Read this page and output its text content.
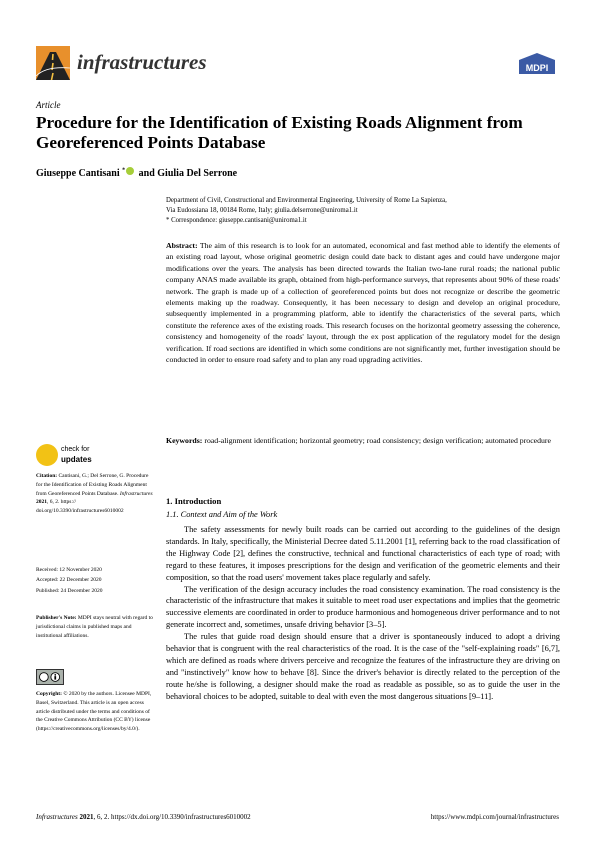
infrastructures	MDPI
Article
Procedure for the Identification of Existing Roads Alignment from Georeferenced Points Database
Giuseppe Cantisani * and Giulia Del Serrone
Department of Civil, Constructional and Environmental Engineering, University of Rome La Sapienza,
Via Eudossiana 18, 00184 Rome, Italy; giulia.delserrone@uniroma1.it
* Correspondence: giuseppe.cantisani@uniroma1.it
Abstract: The aim of this research is to look for an automated, economical and fast method able to identify the elements of an existing road layout, whose original geometric design could date back to distant ages and could have undergone major modifications over the years. The analysis has been directed towards the Italian two-lane rural roads; the national public company ANAS made available its graph, obtained from high-performance surveys, that represents about 90% of these roads' network. The graph is made up of a collection of georeferenced points but does not recognize or describe the geometric elements making up the roadway. Consequently, it has been necessary to design and develop an original procedure, subsequently implemented in a programming platform, able to identify the characteristics of the several parts, which constitute the reference axes of the existing roads. This research focuses on the horizontal geometry assessing the coherence, consistency and homogeneity of the roads' layout, through the ex post application of the regulatory model for the design verification. If road sections are identified in which some conditions are not significantly met, further investigation should be conducted in order to ensure road safety and to plan any road upgrading activities.
Keywords: road-alignment identification; horizontal geometry; road consistency; design verification; automated procedure
1. Introduction
1.1. Context and Aim of the Work

The safety assessments for newly built roads can be carried out according to the guidelines of the design standards. In Italy, specifically, the Ministerial Decree dated 5.11.2001 [1], referring back to the road classification of the Highway Code [2], defines the constructive, technical and functional characteristics of each type of road; with regard to these features, it imposes prescriptions for the design and verification of the geometric elements and their composition, so that the road users' movement takes place regularly and safely.

The verification of the design accuracy includes the road consistency examination. The road consistency is the characteristic of the infrastructure that makes it suitable to meet road user expectations and implies that the geometric successive elements are coordinated in order to produce harmonious and homogeneous driver performance and to not generate incorrect and, sometimes, unsafe driving behavior [3–5].

The rules that guide road design should ensure that a driver is spontaneously induced to adopt a driving behavior that is congruent with the real characteristics of the road. It is the case of the "self-explaining roads" [6,7], which are defined as roads where drivers perceive and recognize the features of the infrastructure they are driving on and "instinctively" know how to behave [8]. Since the driver's behavior is directly related to the perception of the route he/she is following, a designer should make the road as readable as possible, so as to guide the user in the behavioral choices to be adopted, suitable to deal with even the most dangerous situations [9–11].

check for
updates
Citation: Cantisani, G.; Del Serrone, G. Procedure for the Identification of Existing Roads Alignment from Georeferenced Points Database. Infrastructures 2021, 6, 2. https:// doi.org/10.3390/infrastructures6010002
Received: 12 November 2020
Accepted: 22 December 2020
Published: 24 December 2020
Publisher's Note: MDPI stays neutral with regard to jurisdictional claims in published maps and institutional affiliations.
Copyright: © 2020 by the authors. Licensee MDPI, Basel, Switzerland. This article is an open access article distributed under the terms and conditions of the Creative Commons Attribution (CC BY) license (https://creativecommons.org/licenses/by/4.0/).
Infrastructures 2021, 6, 2. https://dx.doi.org/10.3390/infrastructures6010002	https://www.mdpi.com/journal/infrastructures
